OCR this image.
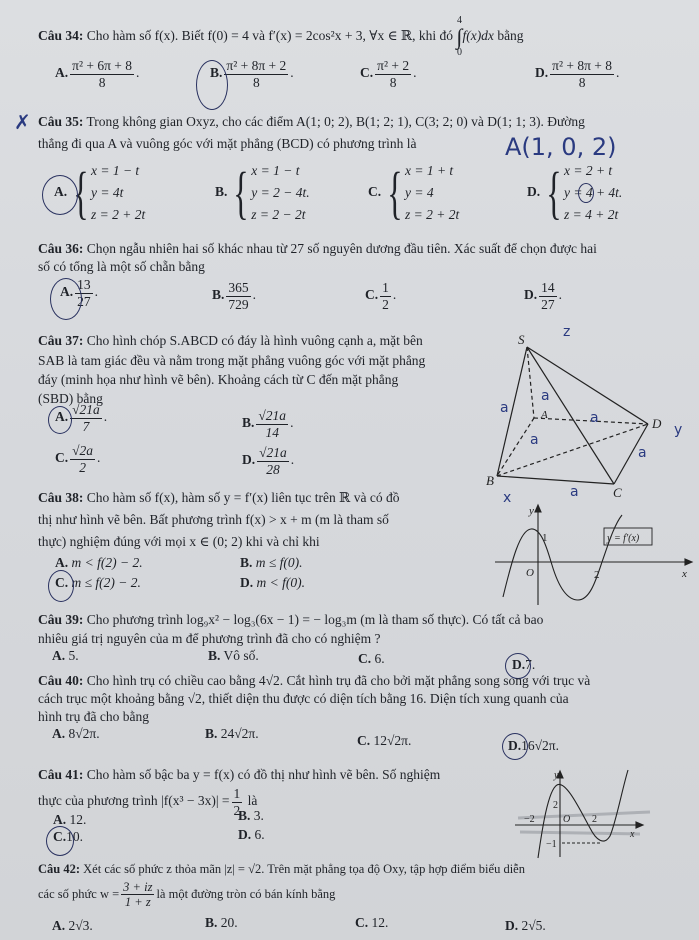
Câu 34: Cho hàm số f(x). Biết f(0) = 4 và f′(x) = 2cos²x + 3, ∀x ∈ ℝ, khi đó
4
∫
0
f(x)dx bằng
A. $\frac{\text{π² + 6π + 8}}{8}$ .	B. $\frac{\text{π² + 8π + 2}}{8}$ .	C. $\frac{\text{π² + 2}}{8}$ .	D. $\frac{\text{π² + 8π + 8}}{8}$ .
✗ Câu 35: Trong không gian Oxyz, cho các điểm A(1; 0; 2), B(1; 2; 1), C(3; 2; 0) và D(1; 1; 3). Đường
thẳng đi qua A và vuông góc với mặt phẳng (BCD) có phương trình là	A(1, 0, 2)
A. { x = 1 − t
y = 4t
z = 2 + 2t
B. { x = 1 − t
y = 2 − 4t.
z = 2 − 2t
C. { x = 1 + t
y = 4
z = 2 + 2t
D. { x = 2 + t
y = 4 + 4t.
z = 4 + 2t
Câu 36: Chọn ngẫu nhiên hai số khác nhau từ 27 số nguyên dương đầu tiên. Xác suất để chọn được hai
số có tổng là một số chẵn bằng
A. $\frac{13}{27}$ .	B. $\frac{365}{729}$ .	C. $\frac{1}{2}$ .	D. $\frac{14}{27}$ .
Câu 37: Cho hình chóp S.ABCD có đáy là hình vuông cạnh a, mặt bên
SAB là tam giác đều và nằm trong mặt phẳng vuông góc với mặt phẳng
đáy (minh họa như hình vẽ bên). Khoảng cách từ C đến mặt phẳng
(SBD) bằng
A. $\frac{√21a}{7}$ .	B. $\frac{√21a}{14}$ .
C. $\frac{√2a}{2}$ .	D. $\frac{√21a}{28}$ .
S
A
B
C
D
a
a
a
a
a
a
z
y
x
Câu 38: Cho hàm số f(x), hàm số y = f′(x) liên tục trên ℝ và có đồ
thị như hình vẽ bên. Bất phương trình f(x) > x + m (m là tham số
thực) nghiệm đúng với mọi x ∈ (0; 2) khi và chỉ khi
A. m < f(2) − 2.	B. m ≤ f(0).
C. m ≤ f(2) − 2.	D. m < f(0).
y
x
O
1
2
y = f′(x)
Câu 39: Cho phương trình log₉x² − log₃(6x − 1) = − log₃m (m là tham số thực). Có tất cả bao
nhiêu giá trị nguyên của m để phương trình đã cho có nghiệm ?
A. 5.	B. Vô số.	C. 6.	D.7.
Câu 40: Cho hình trụ có chiều cao bằng 4√2. Cắt hình trụ đã cho bởi mặt phẳng song song với trục và
cách trục một khoảng bằng √2, thiết diện thu được có diện tích bằng 16. Diện tích xung quanh của
hình trụ đã cho bằng
A. 8√2π.	B. 24√2π.	C. 12√2π.	D.16√2π.
Câu 41: Cho hàm số bậc ba y = f(x) có đồ thị như hình vẽ bên. Số nghiệm
thực của phương trình $|f(x^3 - 3x)| = \frac{1}{2}$ là
A. 12.	B. 3.
C.10.	D. 6.
y
x
O
2
−2	2
−1
Câu 42: Xét các số phức z thỏa mãn |z| = √2. Trên mặt phẳng tọa độ Oxy, tập hợp điểm biểu diễn
các số phức $w = \frac{3 + iz}{1 + z}$ là một đường tròn có bán kính bằng
A. 2√3.	B. 20.	C. 12.	D. 2√5.
